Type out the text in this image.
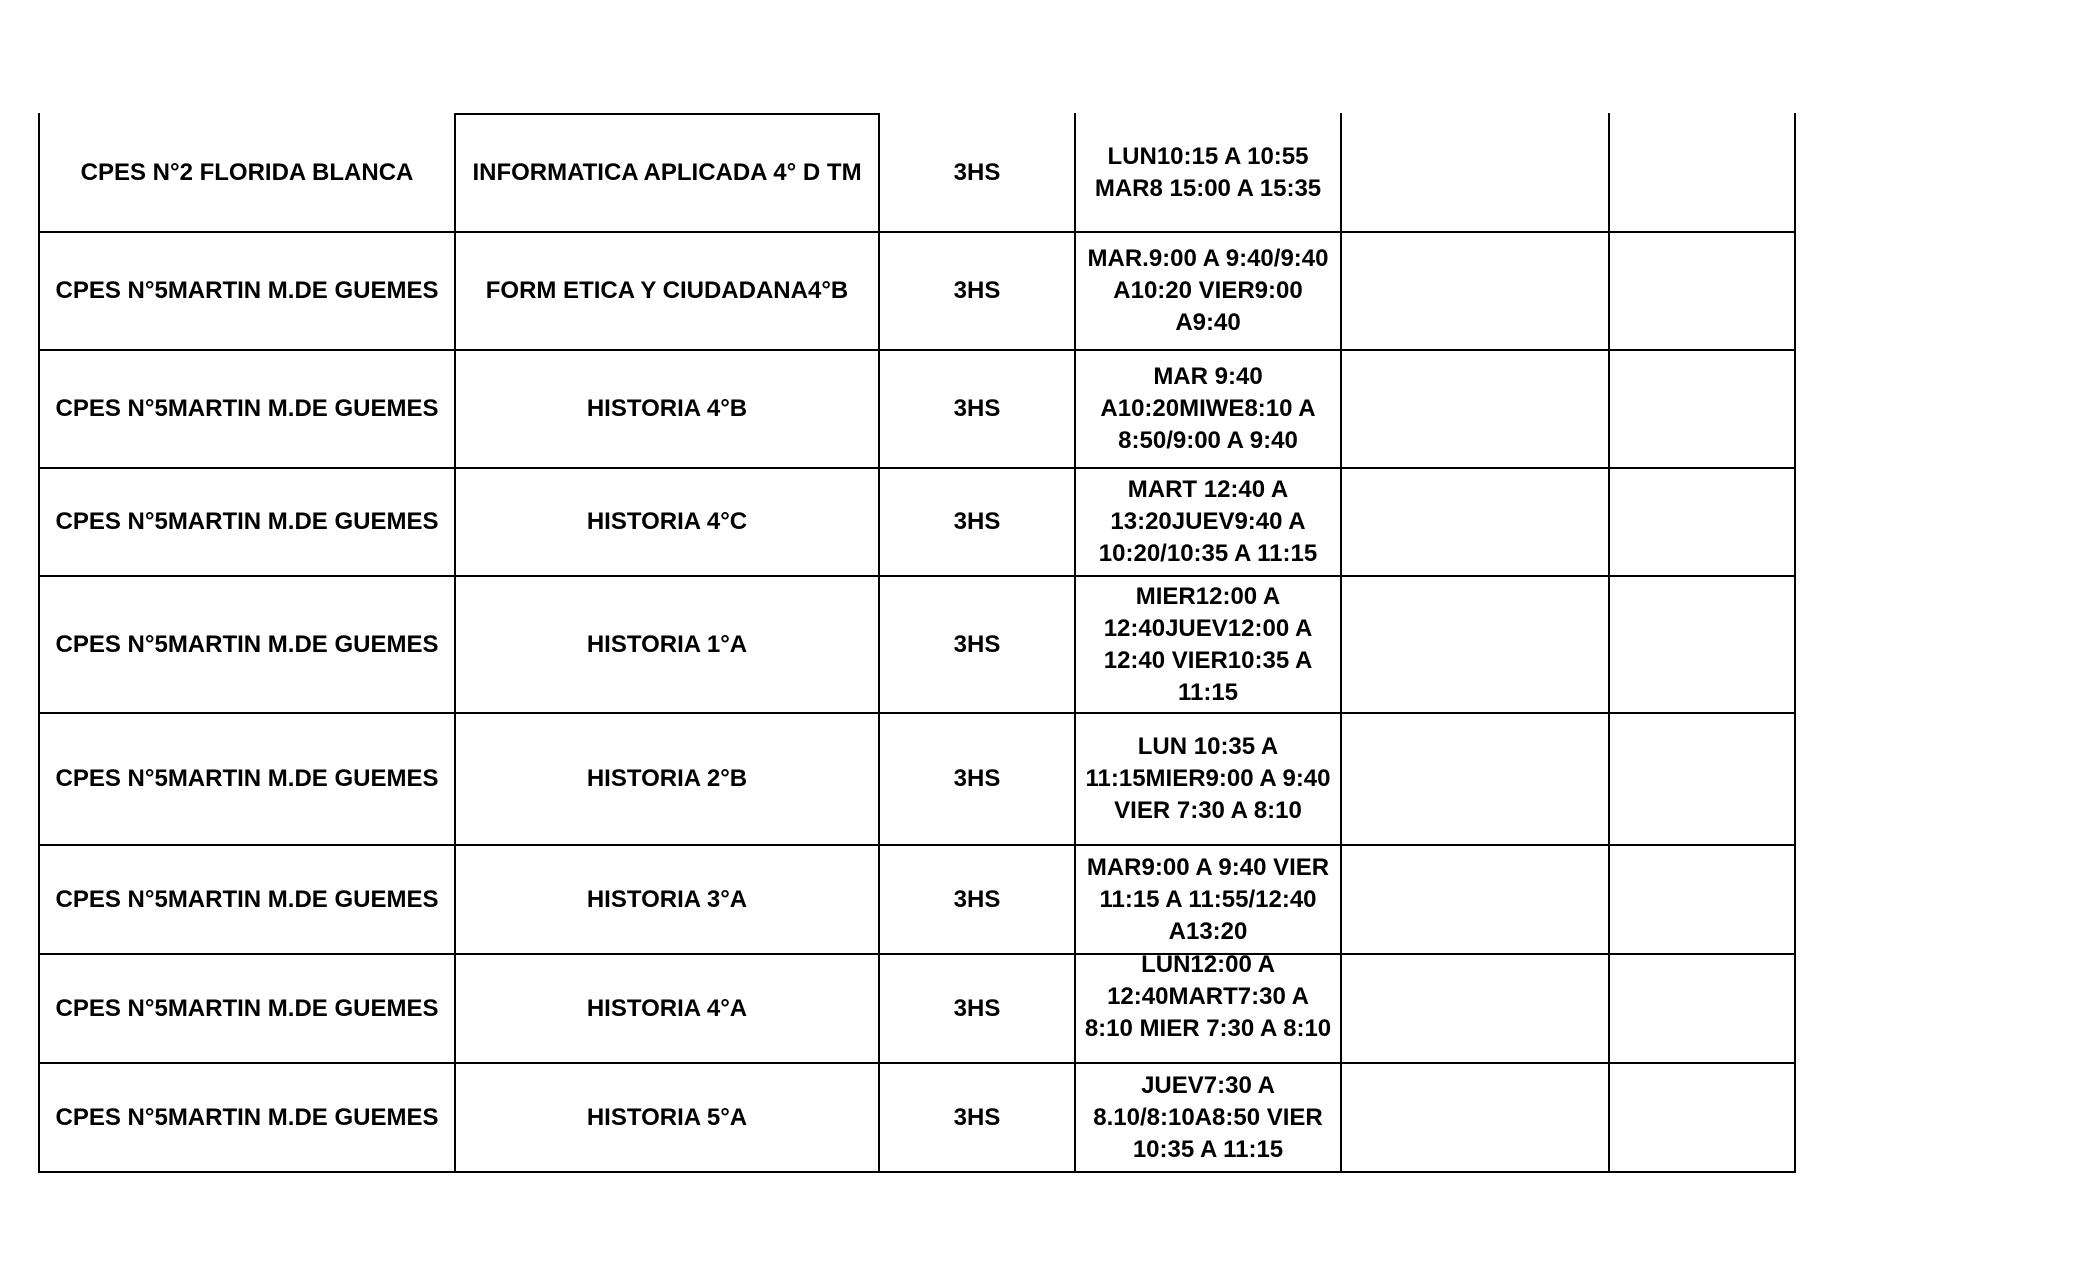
CPES N°2 FLORIDA BLANCA	INFORMATICA APLICADA 4° D TM	3HS	LUN10:15 A 10:55 MAR8 15:00 A 15:35		
CPES N°5MARTIN M.DE GUEMES	FORM ETICA Y CIUDADANA4°B	3HS	MAR.9:00 A 9:40/9:40 A10:20 VIER9:00 A9:40		
CPES N°5MARTIN M.DE GUEMES	HISTORIA 4°B	3HS	MAR 9:40 A10:20MIWE8:10 A 8:50/9:00 A 9:40		
CPES N°5MARTIN M.DE GUEMES	HISTORIA 4°C	3HS	MART 12:40 A 13:20JUEV9:40 A 10:20/10:35 A 11:15		
CPES N°5MARTIN M.DE GUEMES	HISTORIA 1°A	3HS	MIER12:00 A 12:40JUEV12:00 A 12:40 VIER10:35 A 11:15		
CPES N°5MARTIN M.DE GUEMES	HISTORIA 2°B	3HS	LUN 10:35 A 11:15MIER9:00 A 9:40 VIER 7:30 A 8:10		
CPES N°5MARTIN M.DE GUEMES	HISTORIA 3°A	3HS	MAR9:00 A 9:40 VIER 11:15 A 11:55/12:40 A13:20		
CPES N°5MARTIN M.DE GUEMES	HISTORIA 4°A	3HS	LUN12:00 A 12:40MART7:30 A 8:10 MIER 7:30 A 8:10		

CPES N°5MARTIN M.DE GUEMES	HISTORIA 5°A	3HS	JUEV7:30 A 8.10/8:10A8:50 VIER 10:35 A 11:15		
